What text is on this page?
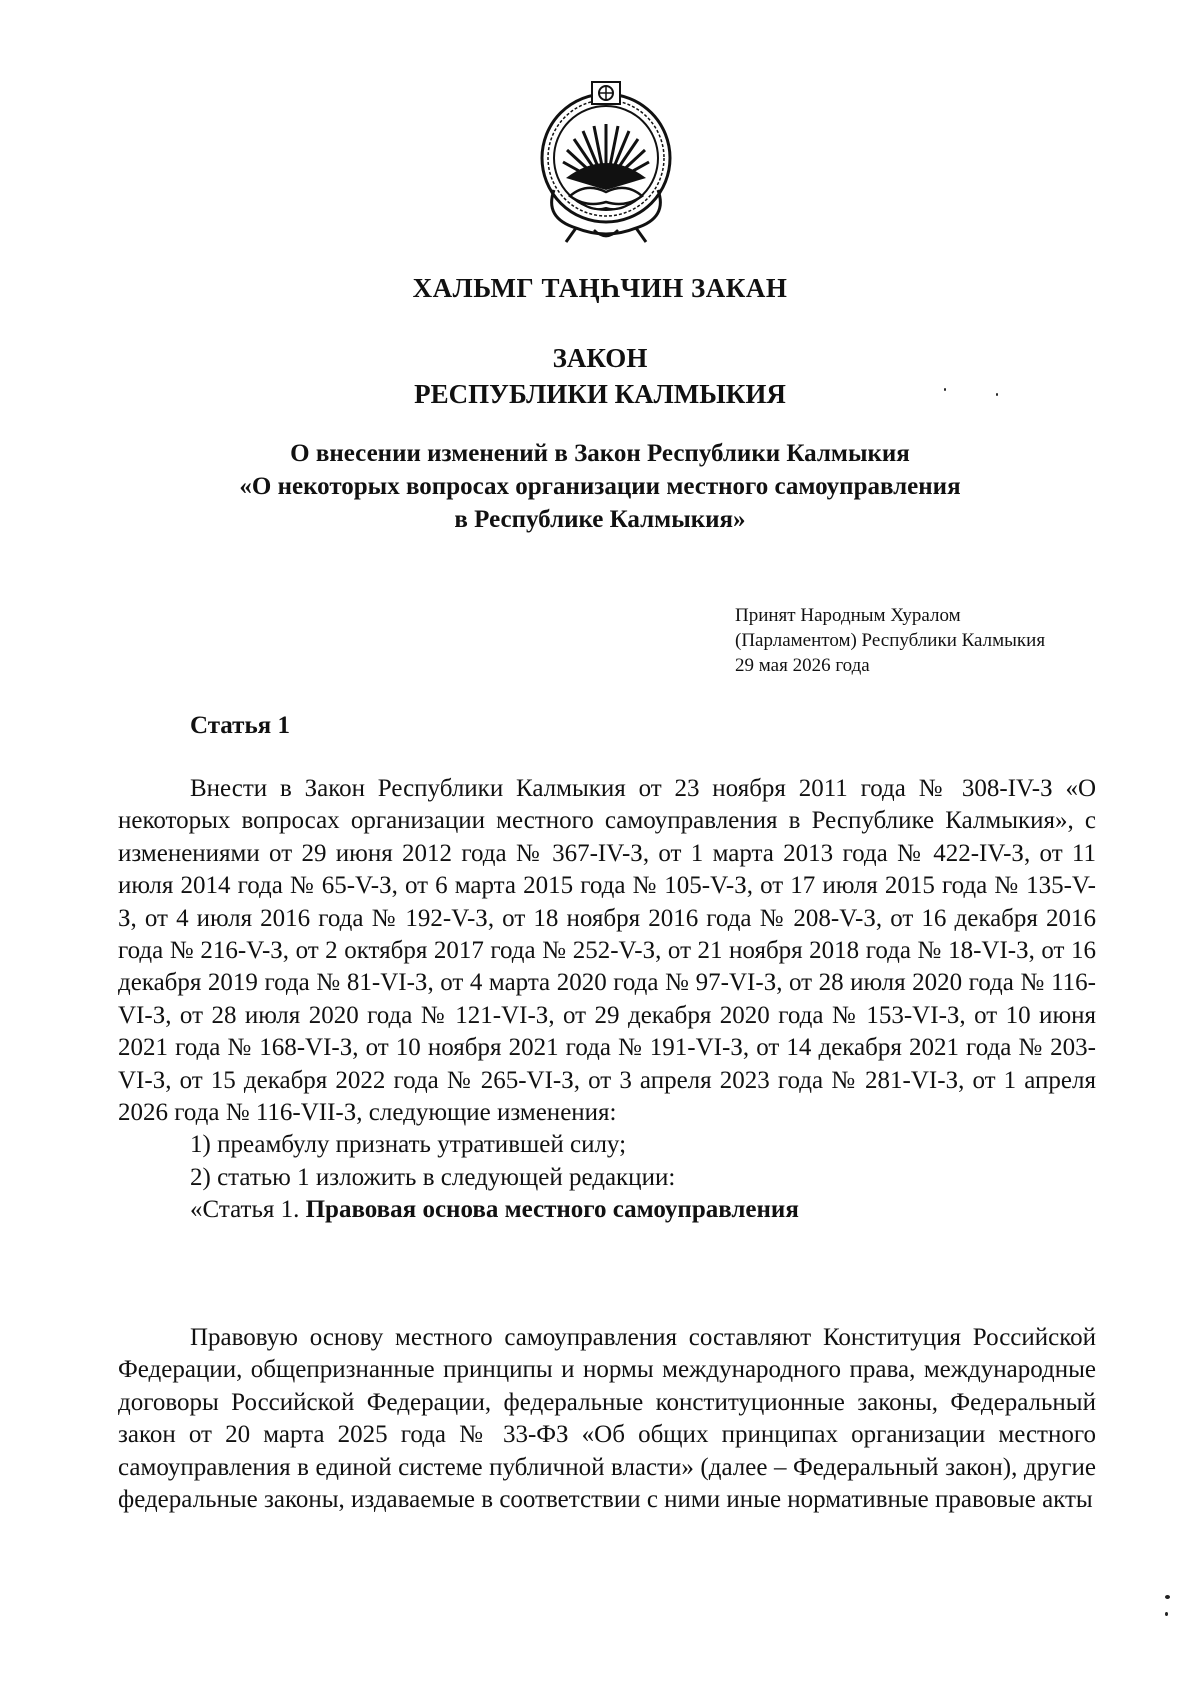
ХАЛЬМГ ТАҢҺЧИН ЗАКАН
ЗАКОН
РЕСПУБЛИКИ КАЛМЫКИЯ
О внесении изменений в Закон Республики Калмыкия
«О некоторых вопросах организации местного самоуправления
в Республике Калмыкия»
Принят Народным Хуралом
(Парламентом) Республики Калмыкия
29 мая 2026 года
Статья 1

Внести в Закон Республики Калмыкия от 23 ноября 2011 года № 308-IV-З «О некоторых вопросах организации местного самоуправления в Республике Калмыкия», с изменениями от 29 июня 2012 года № 367-IV-З, от 1 марта 2013 года № 422-IV-З, от 11 июля 2014 года № 65-V-З, от 6 марта 2015 года № 105-V-З, от 17 июля 2015 года № 135-V-З, от 4 июля 2016 года № 192-V-З, от 18 ноября 2016 года № 208-V-З, от 16 декабря 2016 года № 216-V-З, от 2 октября 2017 года № 252-V-З, от 21 ноября 2018 года № 18-VI-З, от 16 декабря 2019 года № 81-VI-З, от 4 марта 2020 года № 97-VI-З, от 28 июля 2020 года № 116-VI-З, от 28 июля 2020 года № 121-VI-З, от 29 декабря 2020 года № 153-VI-З, от 10 июня 2021 года № 168-VI-З, от 10 ноября 2021 года № 191-VI-З, от 14 декабря 2021 года № 203-VI-З, от 15 декабря 2022 года № 265-VI-З, от 3 апреля 2023 года № 281-VI-З, от 1 апреля 2026 года № 116-VII-З, следующие изменения:

1) преамбулу признать утратившей силу;

2) статью 1 изложить в следующей редакции:

«Статья 1. Правовая основа местного самоуправления

Правовую основу местного самоуправления составляют Конституция Российской Федерации, общепризнанные принципы и нормы международного права, международные договоры Российской Федерации, федеральные конституционные законы, Федеральный закон от 20 марта 2025 года № 33-ФЗ «Об общих принципах организации местного самоуправления в единой системе публичной власти» (далее – Федеральный закон), другие федеральные законы, издаваемые в соответствии с ними иные нормативные правовые акты
